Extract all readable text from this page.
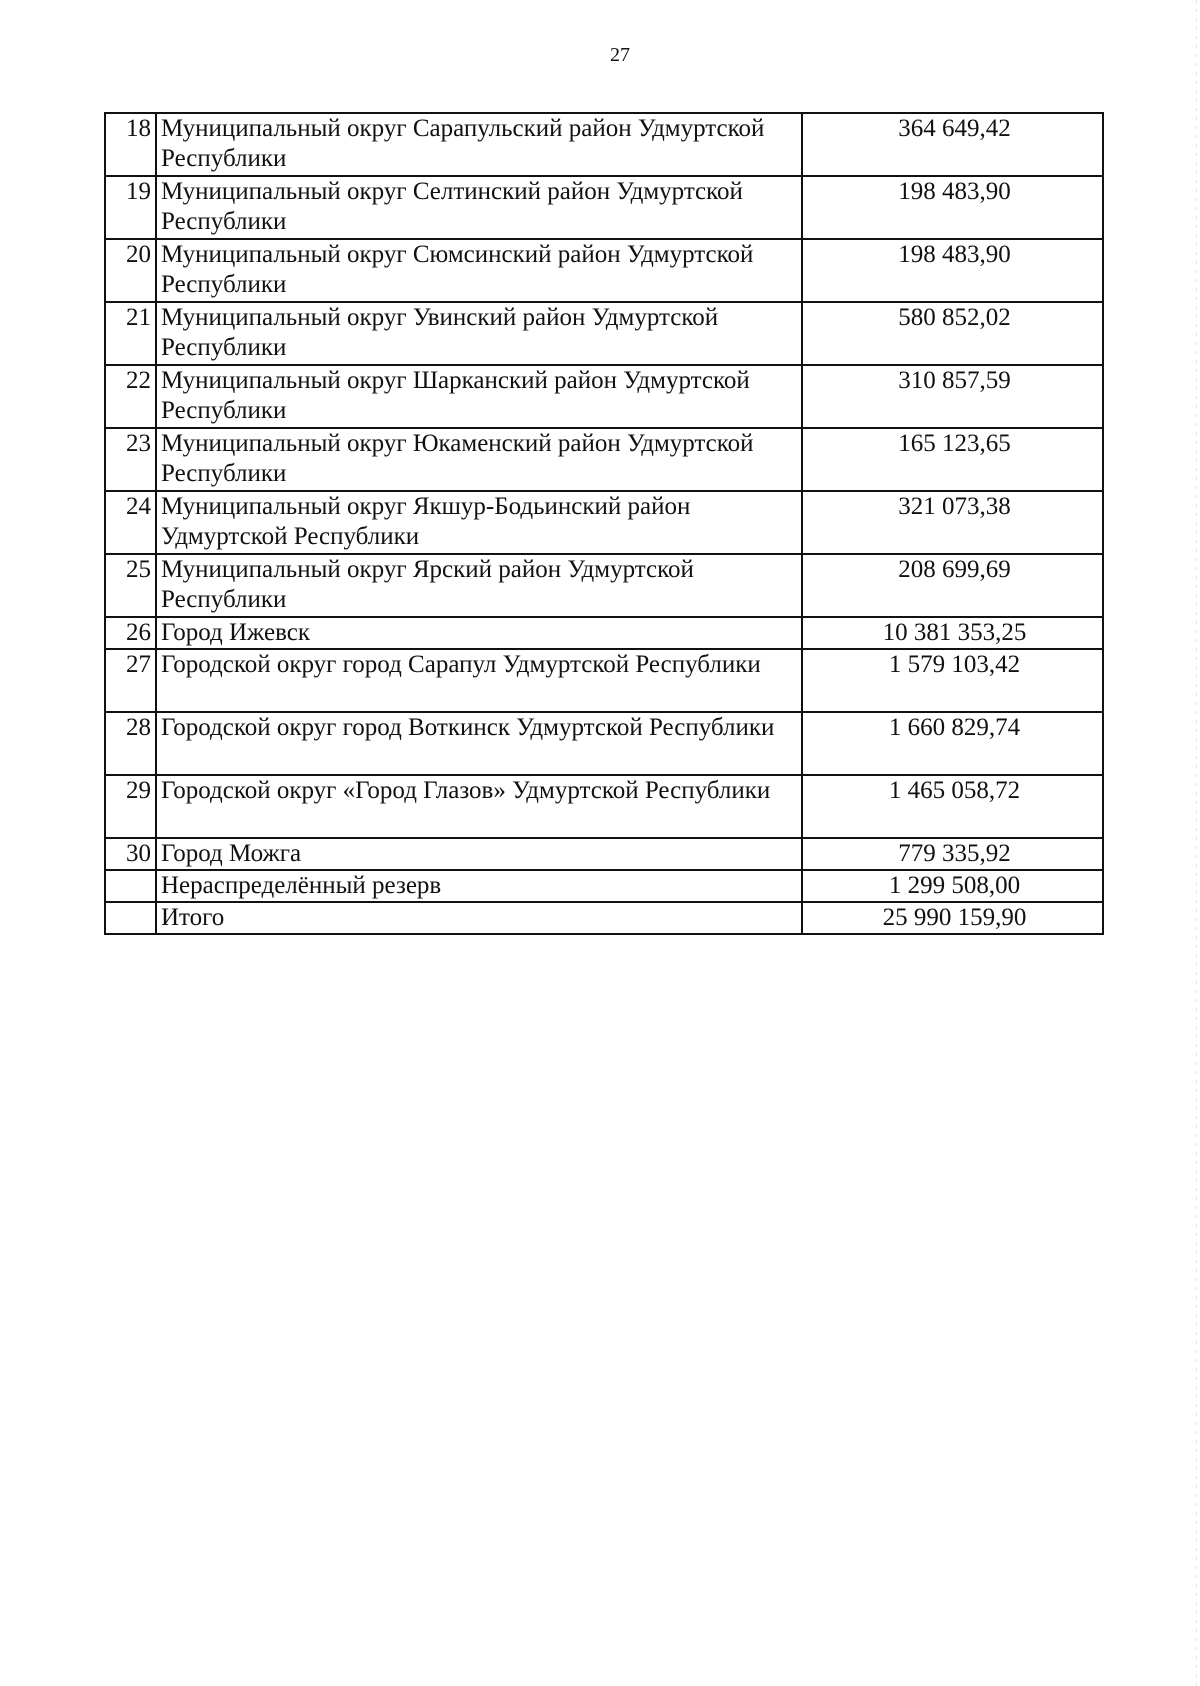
27
18	Муниципальный округ Сарапульский район Удмуртской Республики	364 649,42
19	Муниципальный округ Селтинский район Удмуртской Республики	198 483,90
20	Муниципальный округ Сюмсинский район Удмуртской Республики	198 483,90
21	Муниципальный округ Увинский район Удмуртской Республики	580 852,02
22	Муниципальный округ Шарканский район Удмуртской Республики	310 857,59
23	Муниципальный округ Юкаменский район Удмуртской Республики	165 123,65
24	Муниципальный округ Якшур-Бодьинский район Удмуртской Республики	321 073,38
25	Муниципальный округ Ярский район Удмуртской Республики	208 699,69
26	Город Ижевск	10 381 353,25
27	Городской округ город Сарапул Удмуртской Республики	1 579 103,42
28	Городской округ город Воткинск Удмуртской Республики	1 660 829,74
29	Городской округ «Город Глазов» Удмуртской Республики	1 465 058,72
30	Город Можга	779 335,92
	Нераспределённый резерв	1 299 508,00
	Итого	25 990 159,90
